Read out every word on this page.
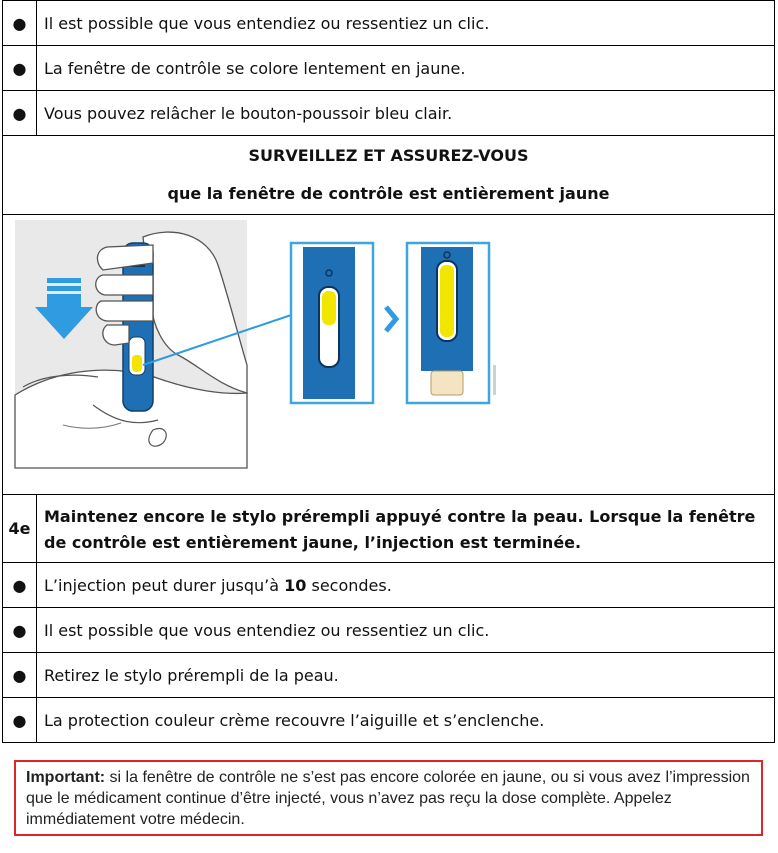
●	Il est possible que vous entendiez ou ressentiez un clic.
●	La fenêtre de contrôle se colore lentement en jaune.
●	Vous pouvez relâcher le bouton-poussoir bleu clair.

SURVEILLEZ ET ASSUREZ-VOUS
que la fenêtre de contrôle est entièrement jaune	

4e	Maintenez encore le stylo prérempli appuyé contre la peau. Lorsque la fenêtre de contrôle est entièrement jaune, l’injection est terminée.
●	L’injection peut durer jusqu’à 10 secondes.
●	Il est possible que vous entendiez ou ressentiez un clic.
●	Retirez le stylo prérempli de la peau.
●	La protection couleur crème recouvre l’aiguille et s’enclenche.
Important: si la fenêtre de contrôle ne s’est pas encore colorée en jaune, ou si vous avez l’impression que le médicament continue d’être injecté, vous n’avez pas reçu la dose complète. Appelez immédiatement votre médecin.
